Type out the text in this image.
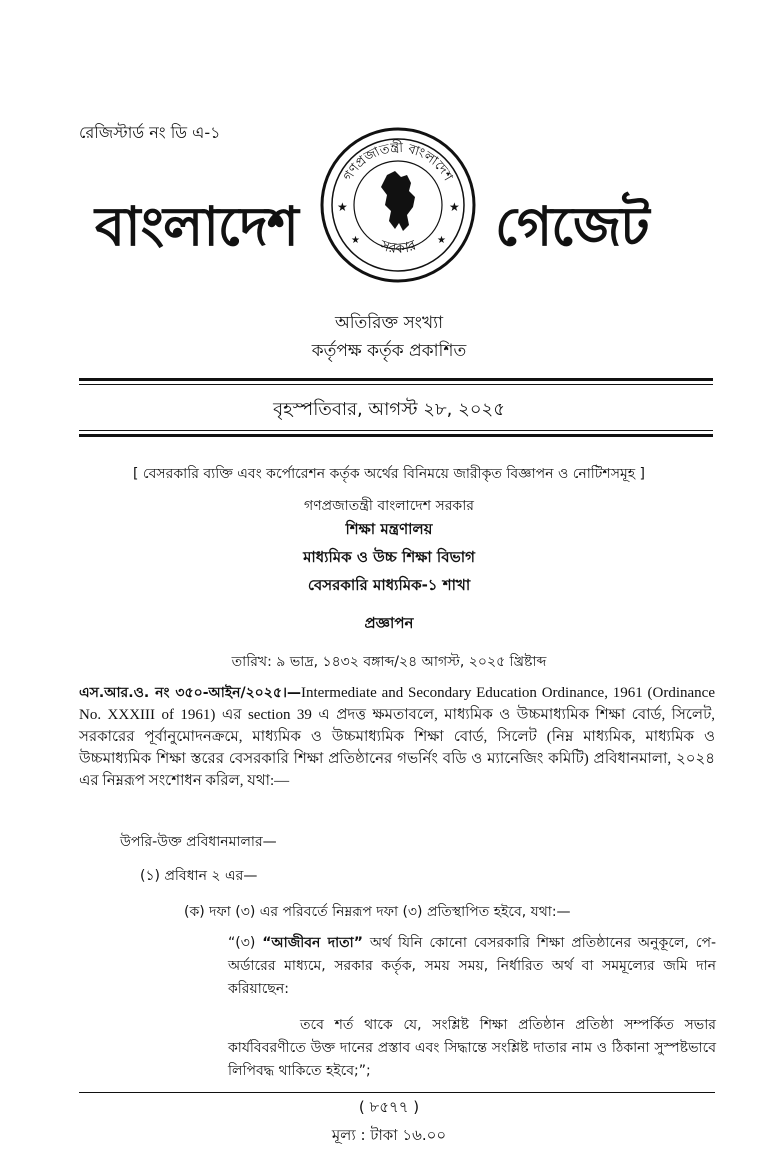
রেজিস্টার্ড নং ডি এ-১
বাংলাদেশ
গণপ্রজাতন্ত্রী বাংলাদেশ
সরকার
★	★
★	★ গেজেট
অতিরিক্ত সংখ্যা
কর্তৃপক্ষ কর্তৃক প্রকাশিত
বৃহস্পতিবার, আগস্ট ২৮, ২০২৫
[ বেসরকারি ব্যক্তি এবং কর্পোরেশন কর্তৃক অর্থের বিনিময়ে জারীকৃত বিজ্ঞাপন ও নোটিশসমূহ ]
গণপ্রজাতন্ত্রী বাংলাদেশ সরকার
শিক্ষা মন্ত্রণালয়
মাধ্যমিক ও উচ্চ শিক্ষা বিভাগ
বেসরকারি মাধ্যমিক-১ শাখা
প্রজ্ঞাপন
তারিখ: ৯ ভাদ্র, ১৪৩২ বঙ্গাব্দ/২৪ আগস্ট, ২০২৫ খ্রিষ্টাব্দ
এস.আর.ও. নং ৩৫০-আইন/২০২৫।—Intermediate and Secondary Education Ordinance, 1961 (Ordinance No. XXXIII of 1961) এর section 39 এ প্রদত্ত ক্ষমতাবলে, মাধ্যমিক ও উচ্চমাধ্যমিক শিক্ষা বোর্ড, সিলেট, সরকারের পূর্বানুমোদনক্রমে, মাধ্যমিক ও উচ্চমাধ্যমিক শিক্ষা বোর্ড, সিলেট (নিম্ন মাধ্যমিক, মাধ্যমিক ও উচ্চমাধ্যমিক শিক্ষা স্তরের বেসরকারি শিক্ষা প্রতিষ্ঠানের গভর্নিং বডি ও ম্যানেজিং কমিটি) প্রবিধানমালা, ২০২৪ এর নিম্নরূপ সংশোধন করিল, যথা:—
উপরি-উক্ত প্রবিধানমালার—
(১) প্রবিধান ২ এর—
(ক) দফা (৩) এর পরিবর্তে নিম্নরূপ দফা (৩) প্রতিস্থাপিত হইবে, যথা:—
“(৩) “আজীবন দাতা” অর্থ যিনি কোনো বেসরকারি শিক্ষা প্রতিষ্ঠানের অনুকূলে, পে-অর্ডারের মাধ্যমে, সরকার কর্তৃক, সময় সময়, নির্ধারিত অর্থ বা সমমূল্যের জমি দান করিয়াছেন:
তবে শর্ত থাকে যে, সংশ্লিষ্ট শিক্ষা প্রতিষ্ঠান প্রতিষ্ঠা সম্পর্কিত সভার কার্যবিবরণীতে উক্ত দানের প্রস্তাব এবং সিদ্ধান্তে সংশ্লিষ্ট দাতার নাম ও ঠিকানা সুস্পষ্টভাবে লিপিবদ্ধ থাকিতে হইবে;”;
( ৮৫৭৭ )
মূল্য : টাকা ১৬.০০
